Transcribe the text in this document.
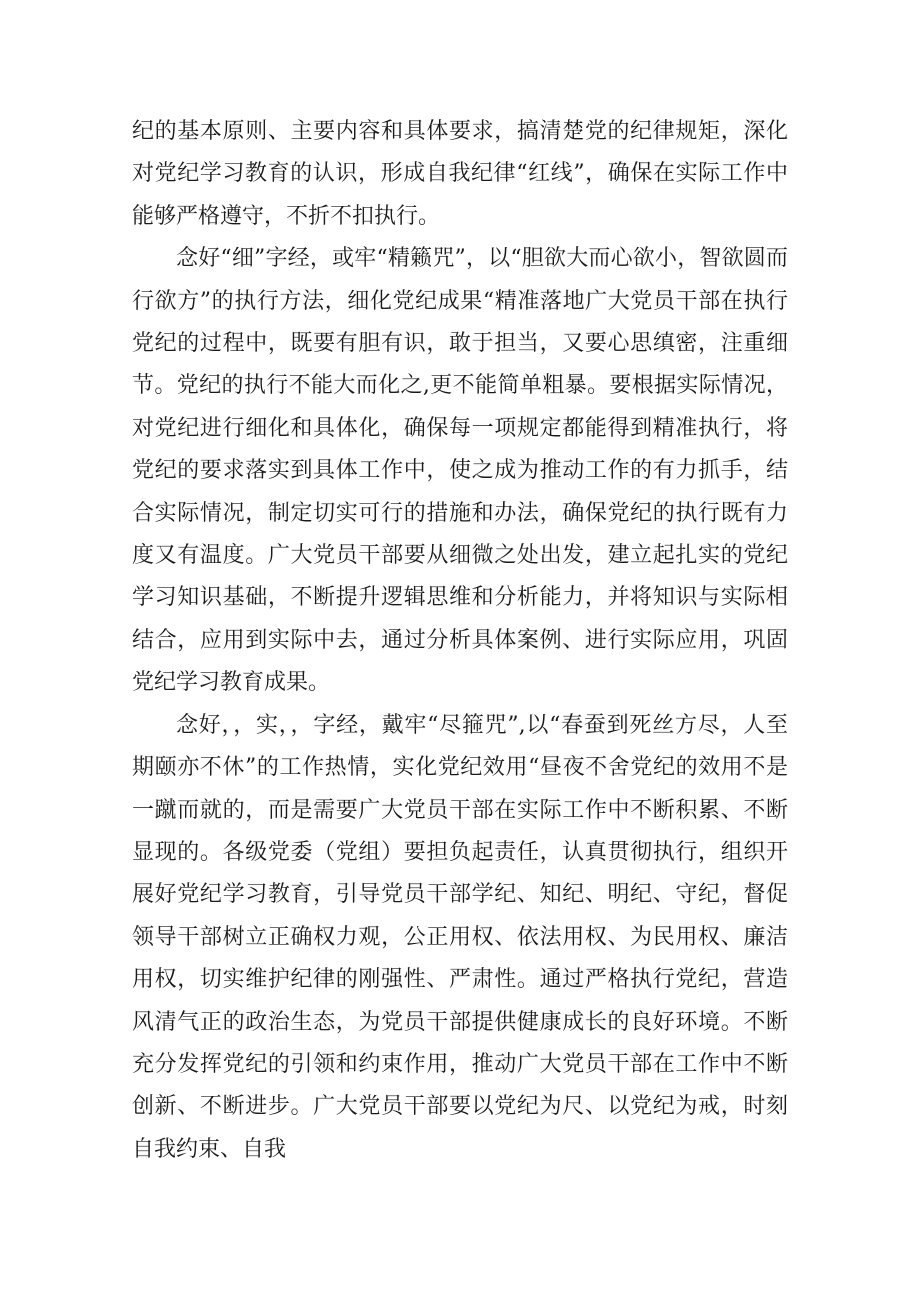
纪的基本原则、主要内容和具体要求，搞清楚党的纪律规矩，深化对党纪学习教育的认识，形成自我纪律“红线”，确保在实际工作中能够严格遵守，不折不扣执行。

念好“细”字经，或牢“精籁咒”，以“胆欲大而心欲小，智欲圆而行欲方”的执行方法，细化党纪成果“精准落地广大党员干部在执行党纪的过程中，既要有胆有识，敢于担当，又要心思缜密，注重细节。党纪的执行不能大而化之,更不能简单粗暴。要根据实际情况，对党纪进行细化和具体化，确保每一项规定都能得到精准执行，将党纪的要求落实到具体工作中，使之成为推动工作的有力抓手，结合实际情况，制定切实可行的措施和办法，确保党纪的执行既有力度又有温度。广大党员干部要从细微之处出发，建立起扎实的党纪学习知识基础，不断提升逻辑思维和分析能力，并将知识与实际相结合，应用到实际中去，通过分析具体案例、进行实际应用，巩固党纪学习教育成果。

念好，，实，，字经，戴牢“尽箍咒”,以“春蚕到死丝方尽，人至期颐亦不休”的工作热情，实化党纪效用“昼夜不舍党纪的效用不是一蹴而就的，而是需要广大党员干部在实际工作中不断积累、不断显现的。各级党委（党组）要担负起责任，认真贯彻执行，组织开展好党纪学习教育，引导党员干部学纪、知纪、明纪、守纪，督促领导干部树立正确权力观，公正用权、依法用权、为民用权、廉洁用权，切实维护纪律的刚强性、严肃性。通过严格执行党纪，营造风清气正的政治生态，为党员干部提供健康成长的良好环境。不断充分发挥党纪的引领和约束作用，推动广大党员干部在工作中不断创新、不断进步。广大党员干部要以党纪为尺、以党纪为戒，时刻自我约束、自我
